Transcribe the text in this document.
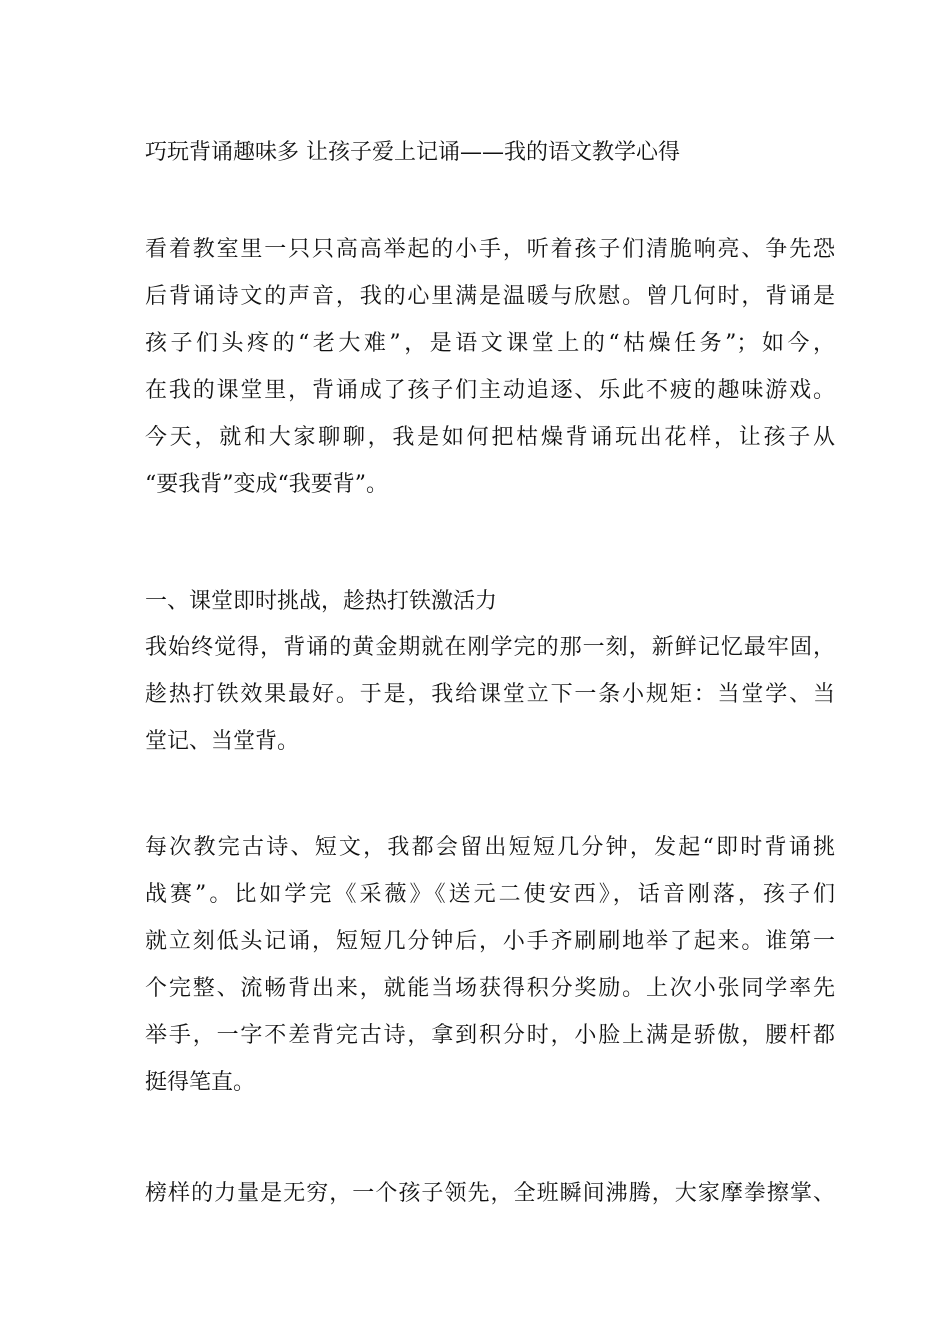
巧玩背诵趣味多 让孩子爱上记诵——我的语文教学心得
看着教室里一只只高高举起的小手，听着孩子们清脆响亮、争先恐
后背诵诗文的声音，我的心里满是温暖与欣慰。曾几何时，背诵是
孩子们头疼的“老大难”，是语文课堂上的“枯燥任务”；如今，
在我的课堂里，背诵成了孩子们主动追逐、乐此不疲的趣味游戏。
今天，就和大家聊聊，我是如何把枯燥背诵玩出花样，让孩子从
“要我背”变成“我要背”。
一、课堂即时挑战，趁热打铁激活力
我始终觉得，背诵的黄金期就在刚学完的那一刻，新鲜记忆最牢固，
趁热打铁效果最好。于是，我给课堂立下一条小规矩：当堂学、当
堂记、当堂背。
每次教完古诗、短文，我都会留出短短几分钟，发起“即时背诵挑
战赛”。比如学完《采薇》《送元二使安西》，话音刚落，孩子们
就立刻低头记诵，短短几分钟后，小手齐刷刷地举了起来。谁第一
个完整、流畅背出来，就能当场获得积分奖励。上次小张同学率先
举手，一字不差背完古诗，拿到积分时，小脸上满是骄傲，腰杆都
挺得笔直。
榜样的力量是无穷，一个孩子领先，全班瞬间沸腾，大家摩拳擦掌、
